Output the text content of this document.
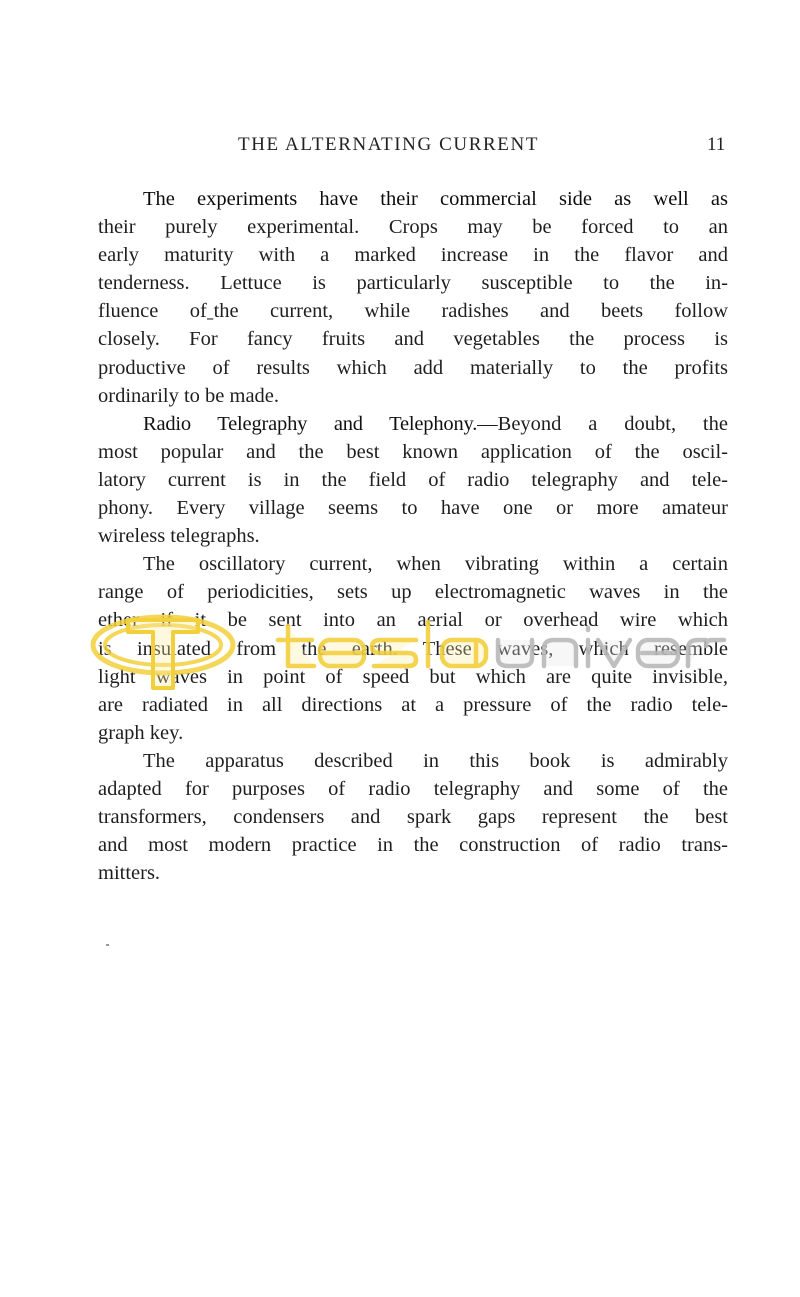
THE ALTERNATING CURRENT	11
The experiments have their commercial side as well as
their purely experimental. Crops may be forced to an
early maturity with a marked increase in the flavor and
tenderness. Lettuce is particularly susceptible to the in-
fluence ofˍthe current, while radishes and beets follow
closely. For fancy fruits and vegetables the process is
productive of results which add materially to the profits
ordinarily to be made.
Radio Telegraphy and Telephony.—Beyond a doubt, the
most popular and the best known application of the oscil-
latory current is in the field of radio telegraphy and tele-
phony. Every village seems to have one or more amateur
wireless telegraphs.
The oscillatory current, when vibrating within a certain
range of periodicities, sets up electromagnetic waves in the
ether if it be sent into an aerial or overhead wire which
is insulated from the earth. These waves, which resemble
light waves in point of speed but which are quite invisible,
are radiated in all directions at a pressure of the radio tele-
graph key.
The apparatus described in this book is admirably
adapted for purposes of radio telegraphy and some of the
transformers, condensers and spark gaps represent the best
and most modern practice in the construction of radio trans-
mitters.
